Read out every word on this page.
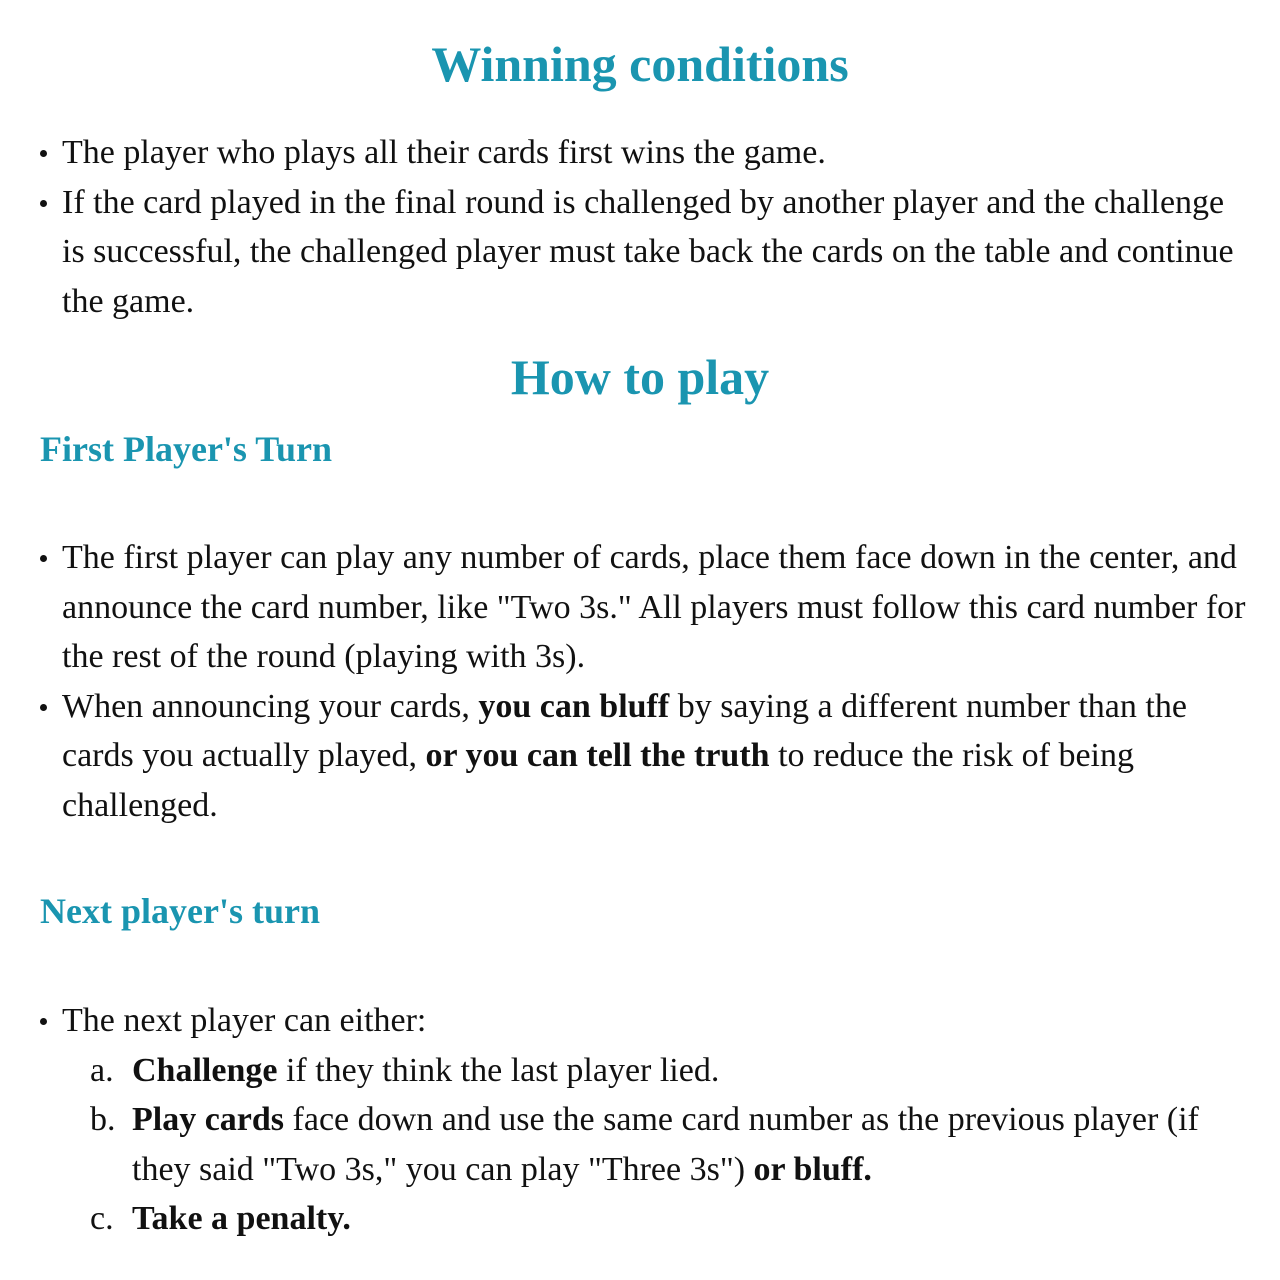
Winning conditions
The player who plays all their cards first wins the game.
If the card played in the final round is challenged by another player and the challenge is successful, the challenged player must take back the cards on the table and continue the game.
How to play
First Player's Turn
The first player can play any number of cards, place them face down in the center, and announce the card number, like "Two 3s." All players must follow this card number for the rest of the round (playing with 3s).
When announcing your cards, you can bluff by saying a different number than the cards you actually played, or you can tell the truth to reduce the risk of being challenged.
Next player's turn
The next player can either:
a. Challenge if they think the last player lied.
b. Play cards face down and use the same card number as the previous player (if they said "Two 3s," you can play "Three 3s") or bluff.
c. Take a penalty.
